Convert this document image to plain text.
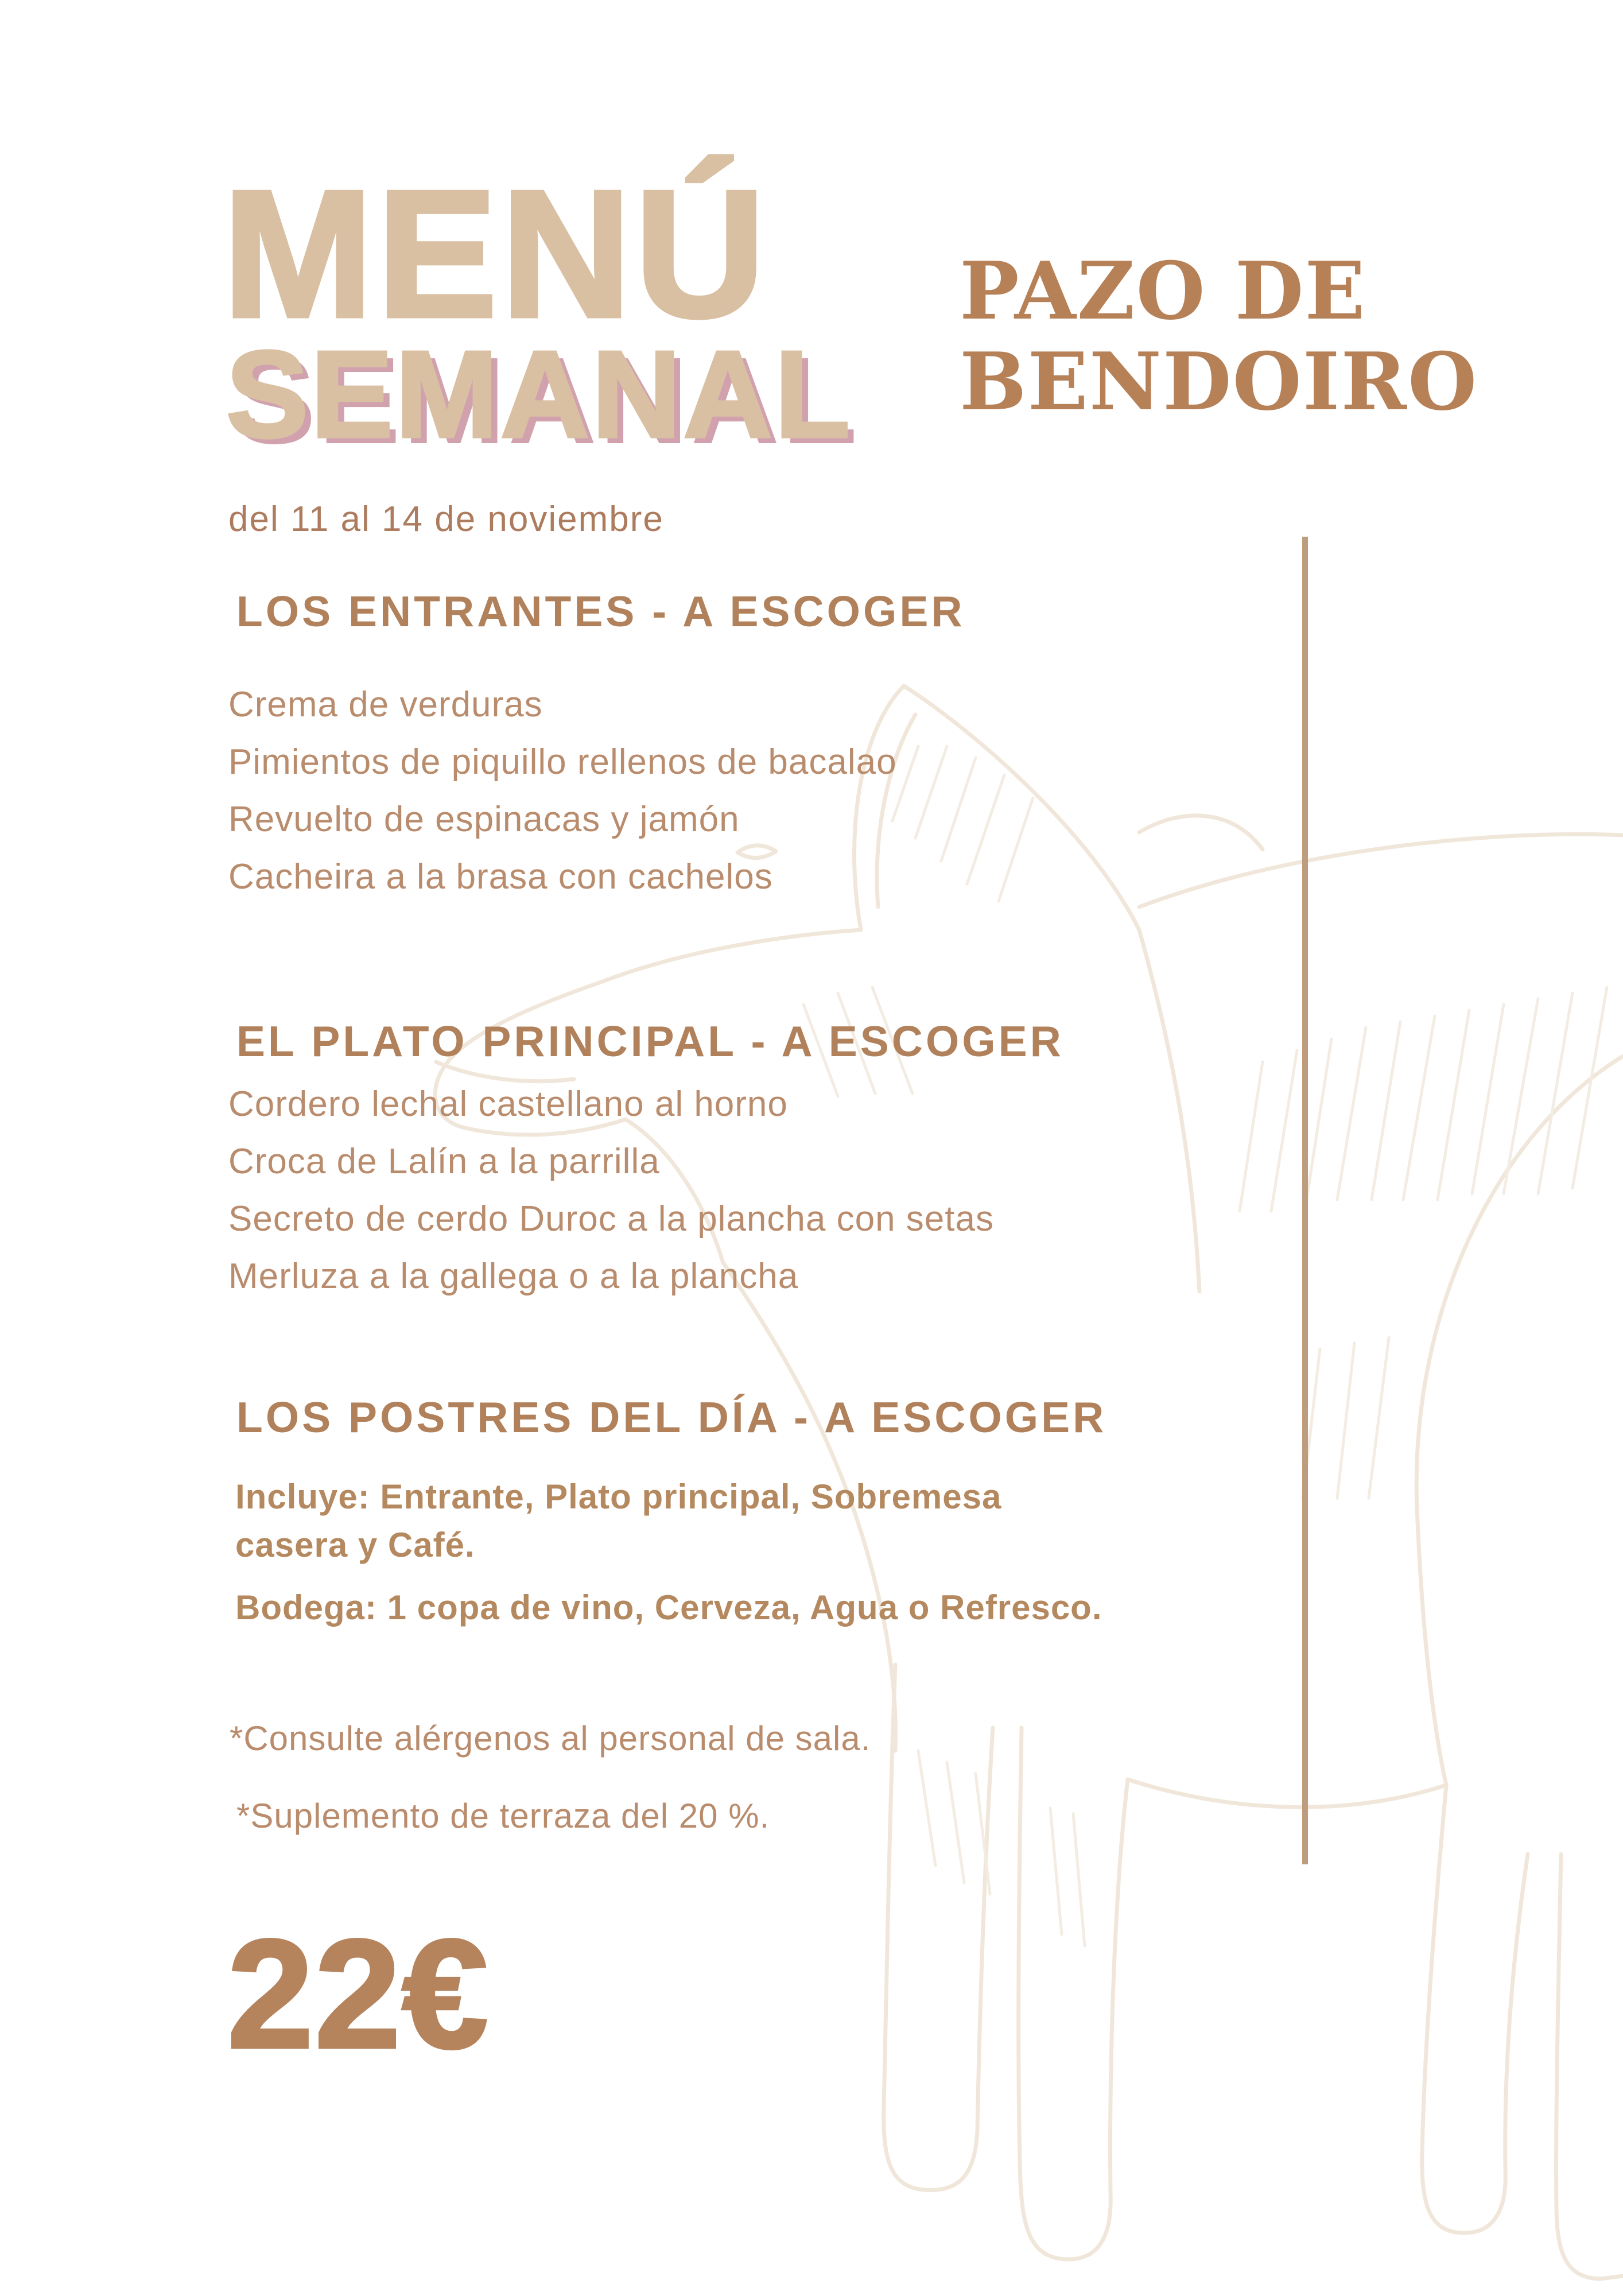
MENÚ
SEMANAL
del 11 al 14 de noviembre
PAZO DE
BENDOIRO
LOS ENTRANTES - A ESCOGER
Crema de verduras
Pimientos de piquillo rellenos de bacalao
Revuelto de espinacas y jamón
Cacheira a la brasa con cachelos
EL PLATO PRINCIPAL - A ESCOGER
Cordero lechal castellano al horno
Croca de Lalín a la parrilla
Secreto de cerdo Duroc a la plancha con setas
Merluza a la gallega o a la plancha
LOS POSTRES DEL DÍA - A ESCOGER
Incluye: Entrante, Plato principal, Sobremesa
casera y Café.
Bodega: 1 copa de vino, Cerveza, Agua o Refresco.
*Consulte alérgenos al personal de sala.
*Suplemento de terraza del 20 %.
22€
